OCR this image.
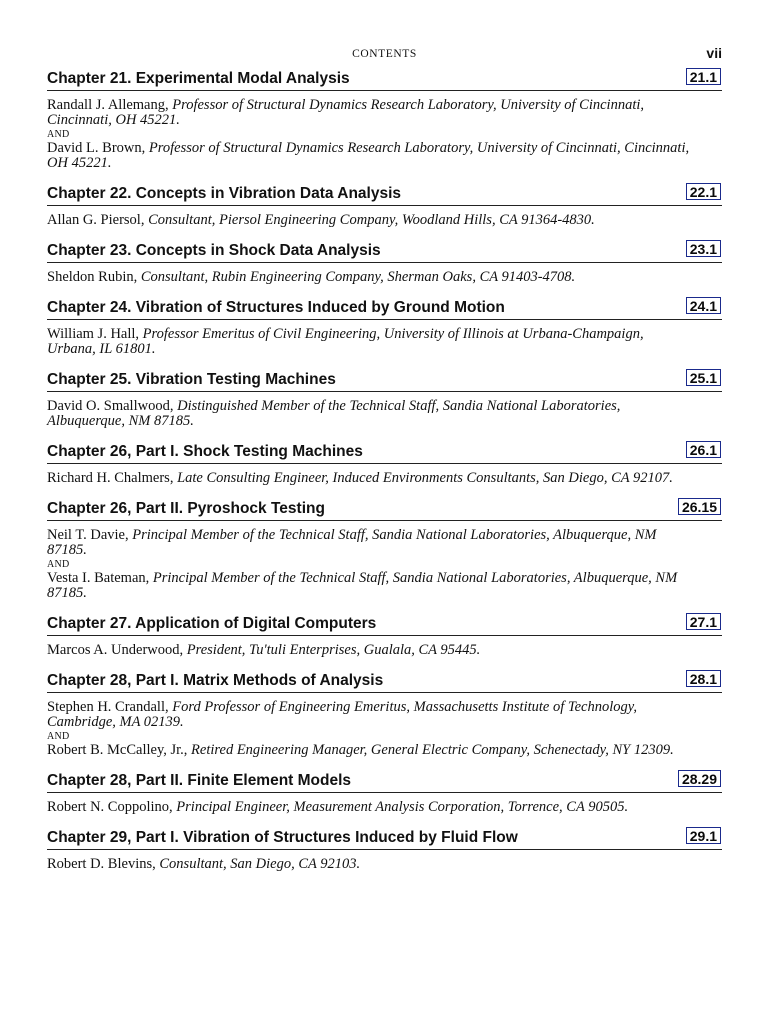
CONTENTS	vii
Chapter 21. Experimental Modal Analysis	21.1
Randall J. Allemang, Professor of Structural Dynamics Research Laboratory, University of Cincinnati, Cincinnati, OH 45221.
AND
David L. Brown, Professor of Structural Dynamics Research Laboratory, University of Cincinnati, Cincinnati, OH 45221.
Chapter 22. Concepts in Vibration Data Analysis	22.1
Allan G. Piersol, Consultant, Piersol Engineering Company, Woodland Hills, CA 91364-4830.
Chapter 23. Concepts in Shock Data Analysis	23.1
Sheldon Rubin, Consultant, Rubin Engineering Company, Sherman Oaks, CA 91403-4708.
Chapter 24. Vibration of Structures Induced by Ground Motion	24.1
William J. Hall, Professor Emeritus of Civil Engineering, University of Illinois at Urbana-Champaign, Urbana, IL 61801.
Chapter 25. Vibration Testing Machines	25.1
David O. Smallwood, Distinguished Member of the Technical Staff, Sandia National Laboratories, Albuquerque, NM 87185.
Chapter 26, Part I. Shock Testing Machines	26.1
Richard H. Chalmers, Late Consulting Engineer, Induced Environments Consultants, San Diego, CA 92107.
Chapter 26, Part II. Pyroshock Testing	26.15
Neil T. Davie, Principal Member of the Technical Staff, Sandia National Laboratories, Albuquerque, NM 87185.
AND
Vesta I. Bateman, Principal Member of the Technical Staff, Sandia National Laboratories, Albuquerque, NM 87185.
Chapter 27. Application of Digital Computers	27.1
Marcos A. Underwood, President, Tu'tuli Enterprises, Gualala, CA 95445.
Chapter 28, Part I. Matrix Methods of Analysis	28.1
Stephen H. Crandall, Ford Professor of Engineering Emeritus, Massachusetts Institute of Technology, Cambridge, MA 02139.
AND
Robert B. McCalley, Jr., Retired Engineering Manager, General Electric Company, Schenectady, NY 12309.
Chapter 28, Part II. Finite Element Models	28.29
Robert N. Coppolino, Principal Engineer, Measurement Analysis Corporation, Torrence, CA 90505.
Chapter 29, Part I. Vibration of Structures Induced by Fluid Flow	29.1
Robert D. Blevins, Consultant, San Diego, CA 92103.
